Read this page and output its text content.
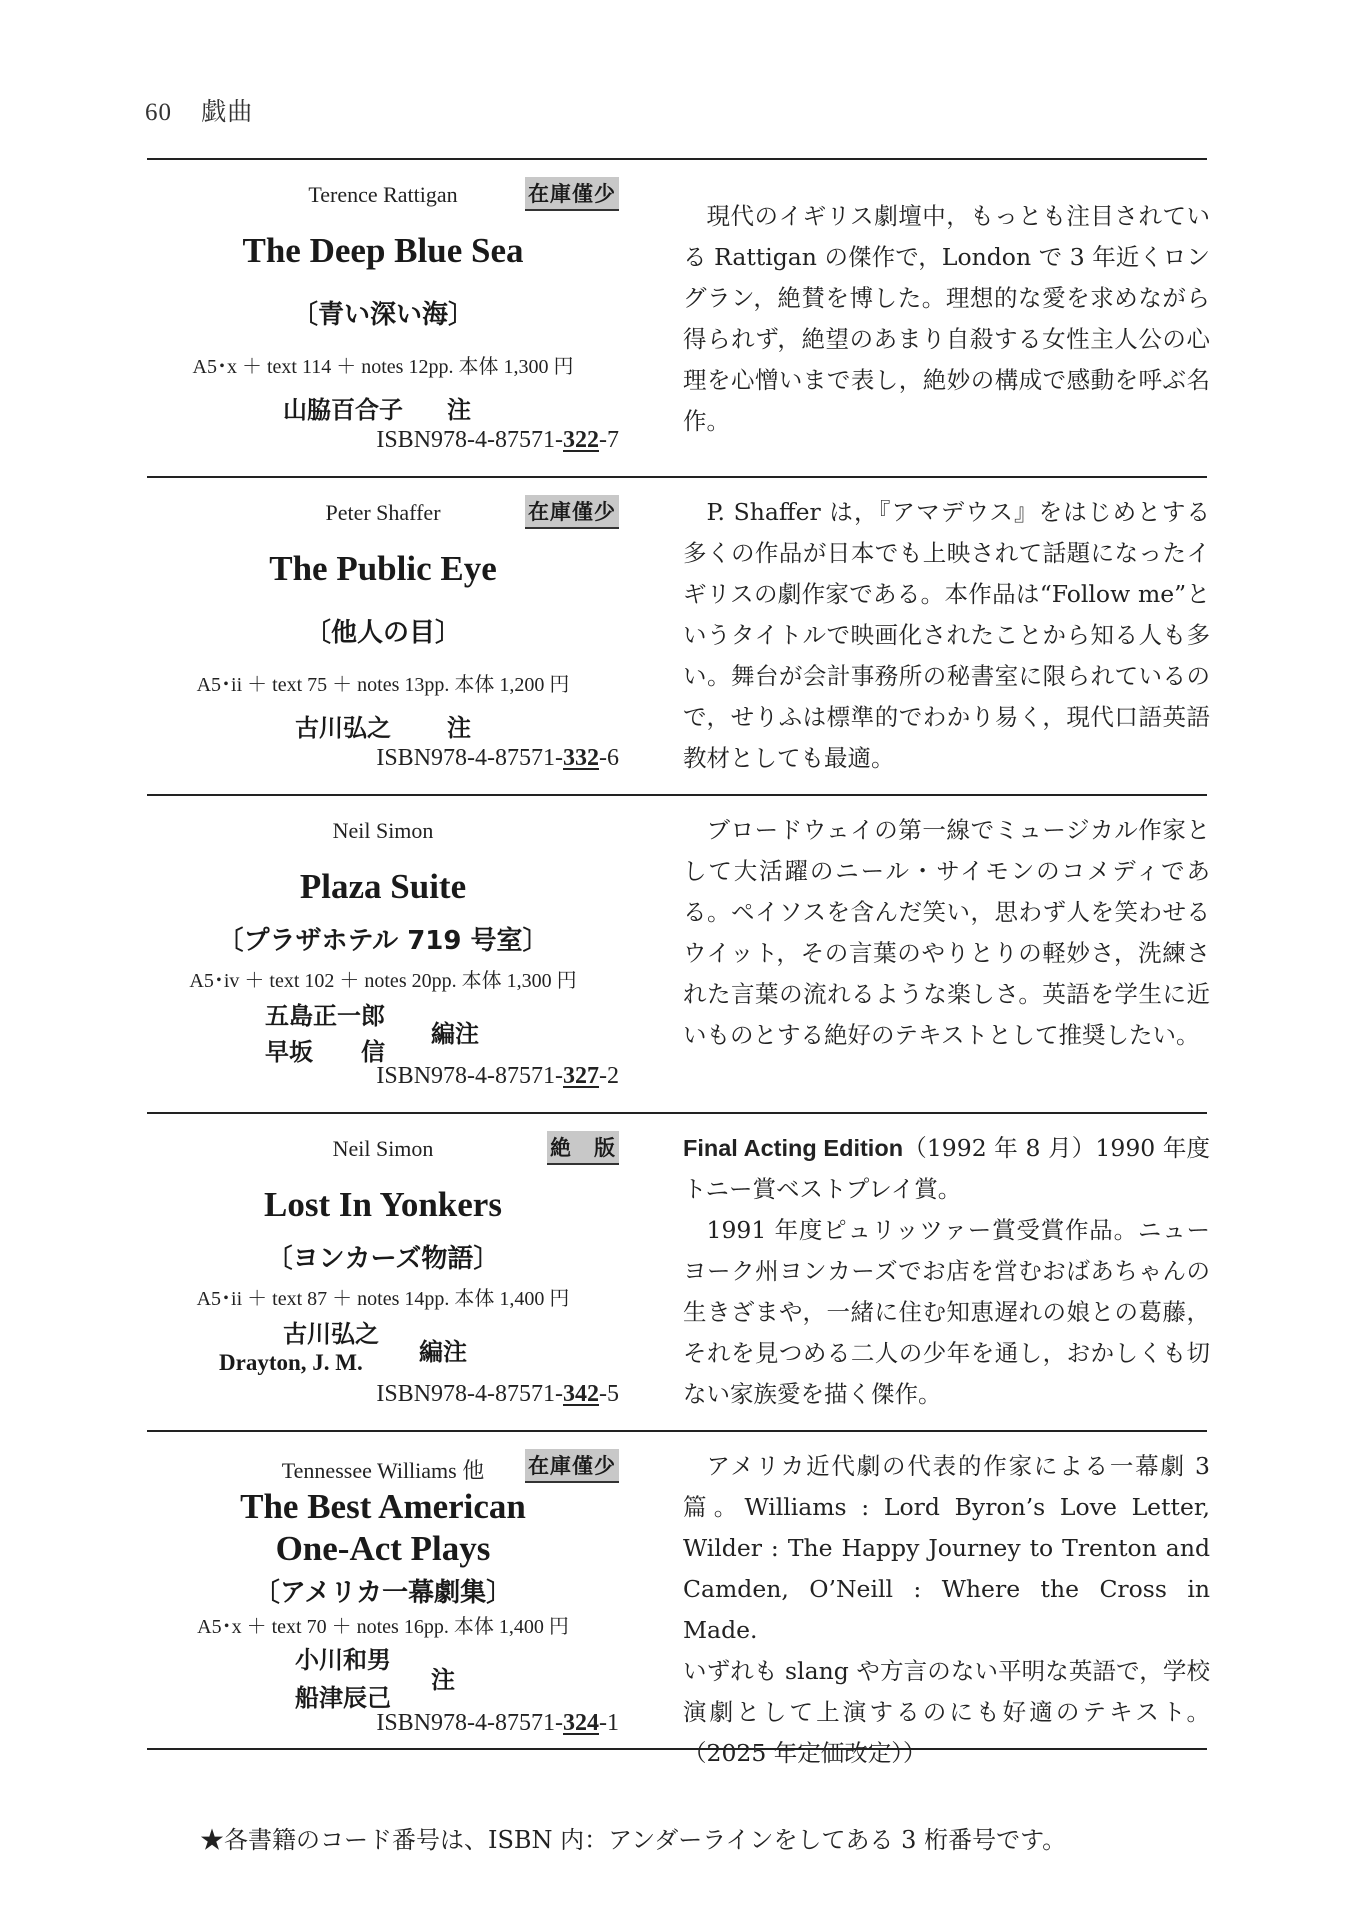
60 戯曲
Terence Rattigan	在庫僅少
The Deep Blue Sea
〔青い深い海〕
A5･x ＋ text 114 ＋ notes 12pp. 本体 1,300 円
山脇百合子 注
ISBN978-4-87571-322-7

現代のイギリス劇壇中，もっとも注目されている Rattigan の傑作で，London で 3 年近くロングラン，絶賛を博した。理想的な愛を求めながら得られず，絶望のあまり自殺する女性主人公の心理を心憎いまで表し，絶妙の構成で感動を呼ぶ名作。

Peter Shaffer	在庫僅少
The Public Eye
〔他人の目〕
A5･ii ＋ text 75 ＋ notes 13pp. 本体 1,200 円
古川弘之 注
ISBN978-4-87571-332-6

P. Shaffer は，『アマデウス』をはじめとする多くの作品が日本でも上映されて話題になったイギリスの劇作家である。本作品は“Follow me”というタイトルで映画化されたことから知る人も多い。舞台が会計事務所の秘書室に限られているので，せりふは標準的でわかり易く，現代口語英語教材としても最適。

Neil Simon
Plaza Suite
〔プラザホテル 719 号室〕
A5･iv ＋ text 102 ＋ notes 20pp. 本体 1,300 円
五島正一郎
早坂　　信
編注
ISBN978-4-87571-327-2

ブロードウェイの第一線でミュージカル作家として大活躍のニール・サイモンのコメディである。ペイソスを含んだ笑い，思わず人を笑わせるウイット，その言葉のやりとりの軽妙さ，洗練された言葉の流れるような楽しさ。英語を学生に近いものとする絶好のテキストとして推奨したい。

Neil Simon	絶　版
Lost In Yonkers
〔ヨンカーズ物語〕
A5･ii ＋ text 87 ＋ notes 14pp. 本体 1,400 円
古川弘之
Drayton, J. M. 編注
ISBN978-4-87571-342-5

Final Acting Edition（1992 年 8 月）1990 年度トニー賞ベストプレイ賞。

1991 年度ピュリッツァー賞受賞作品。ニューヨーク州ヨンカーズでお店を営むおばあちゃんの生きざまや，一緒に住む知恵遅れの娘との葛藤，それを見つめる二人の少年を通し，おかしくも切ない家族愛を描く傑作。

Tennessee Williams 他	在庫僅少
The Best American
One-Act Plays
〔アメリカ一幕劇集〕
A5･x ＋ text 70 ＋ notes 16pp. 本体 1,400 円
小川和男
船津辰己
注
ISBN978-4-87571-324-1

アメリカ近代劇の代表的作家による一幕劇 3 篇。Williams : Lord Byron’s Love Letter, Wilder : The Happy Journey to Trenton and Camden, O’Neill : Where the Cross in Made.

いずれも slang や方言のない平明な英語で，学校演劇として上演するのにも好適のテキスト。（2025 年定価改定））

★各書籍のコード番号は、ISBN 内：アンダーラインをしてある 3 桁番号です。
